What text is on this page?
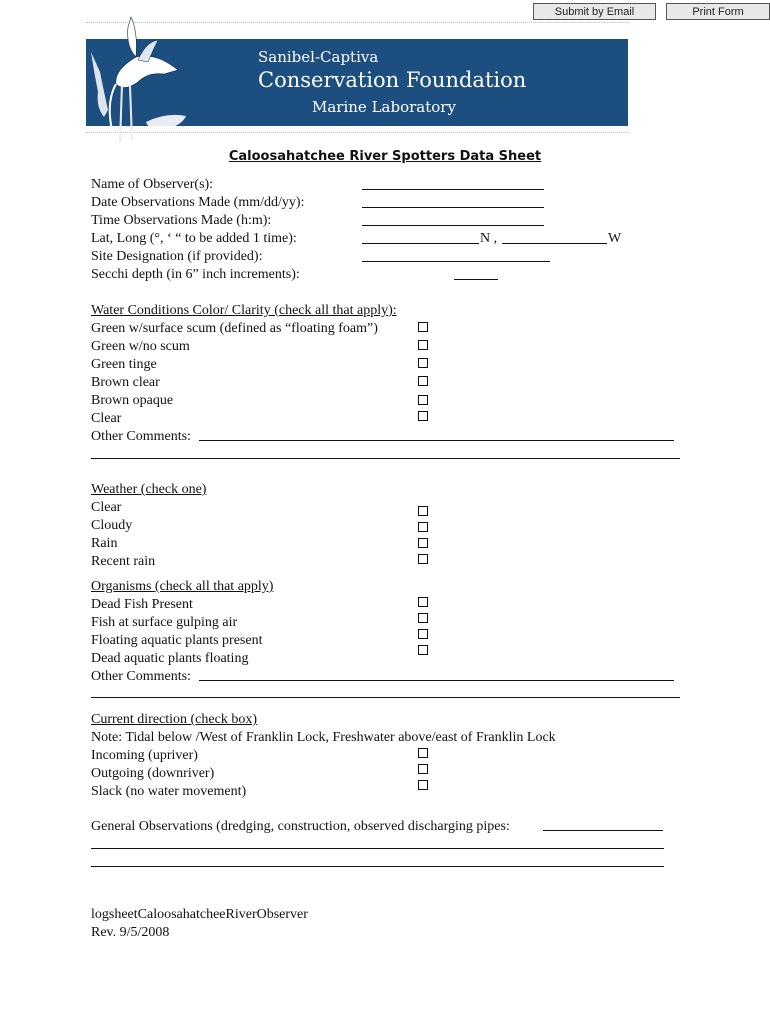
Submit by Email	Print Form
Sanibel-Captiva
Conservation Foundation
Marine Laboratory
Caloosahatchee River Spotters Data Sheet
Name of Observer(s):
Date Observations Made (mm/dd/yy):
Time Observations Made (h:m):
Lat, Long (°, ‘ “ to be added 1 time):	N ,	W
Site Designation (if provided):
Secchi depth (in 6” inch increments):
Water Conditions Color/ Clarity (check all that apply):
Green w/surface scum (defined as “floating foam”)
Green w/no scum
Green tinge
Brown clear
Brown opaque
Clear
Other Comments:
Weather (check one)
Clear
Cloudy
Rain
Recent rain
Organisms (check all that apply)
Dead Fish Present
Fish at surface gulping air
Floating aquatic plants present
Dead aquatic plants floating
Other Comments:
Current direction (check box)
Note: Tidal below /West of Franklin Lock, Freshwater above/east of Franklin Lock
Incoming (upriver)
Outgoing (downriver)
Slack (no water movement)
General Observations (dredging, construction, observed discharging pipes:
logsheetCaloosahatcheeRiverObserver
Rev. 9/5/2008
